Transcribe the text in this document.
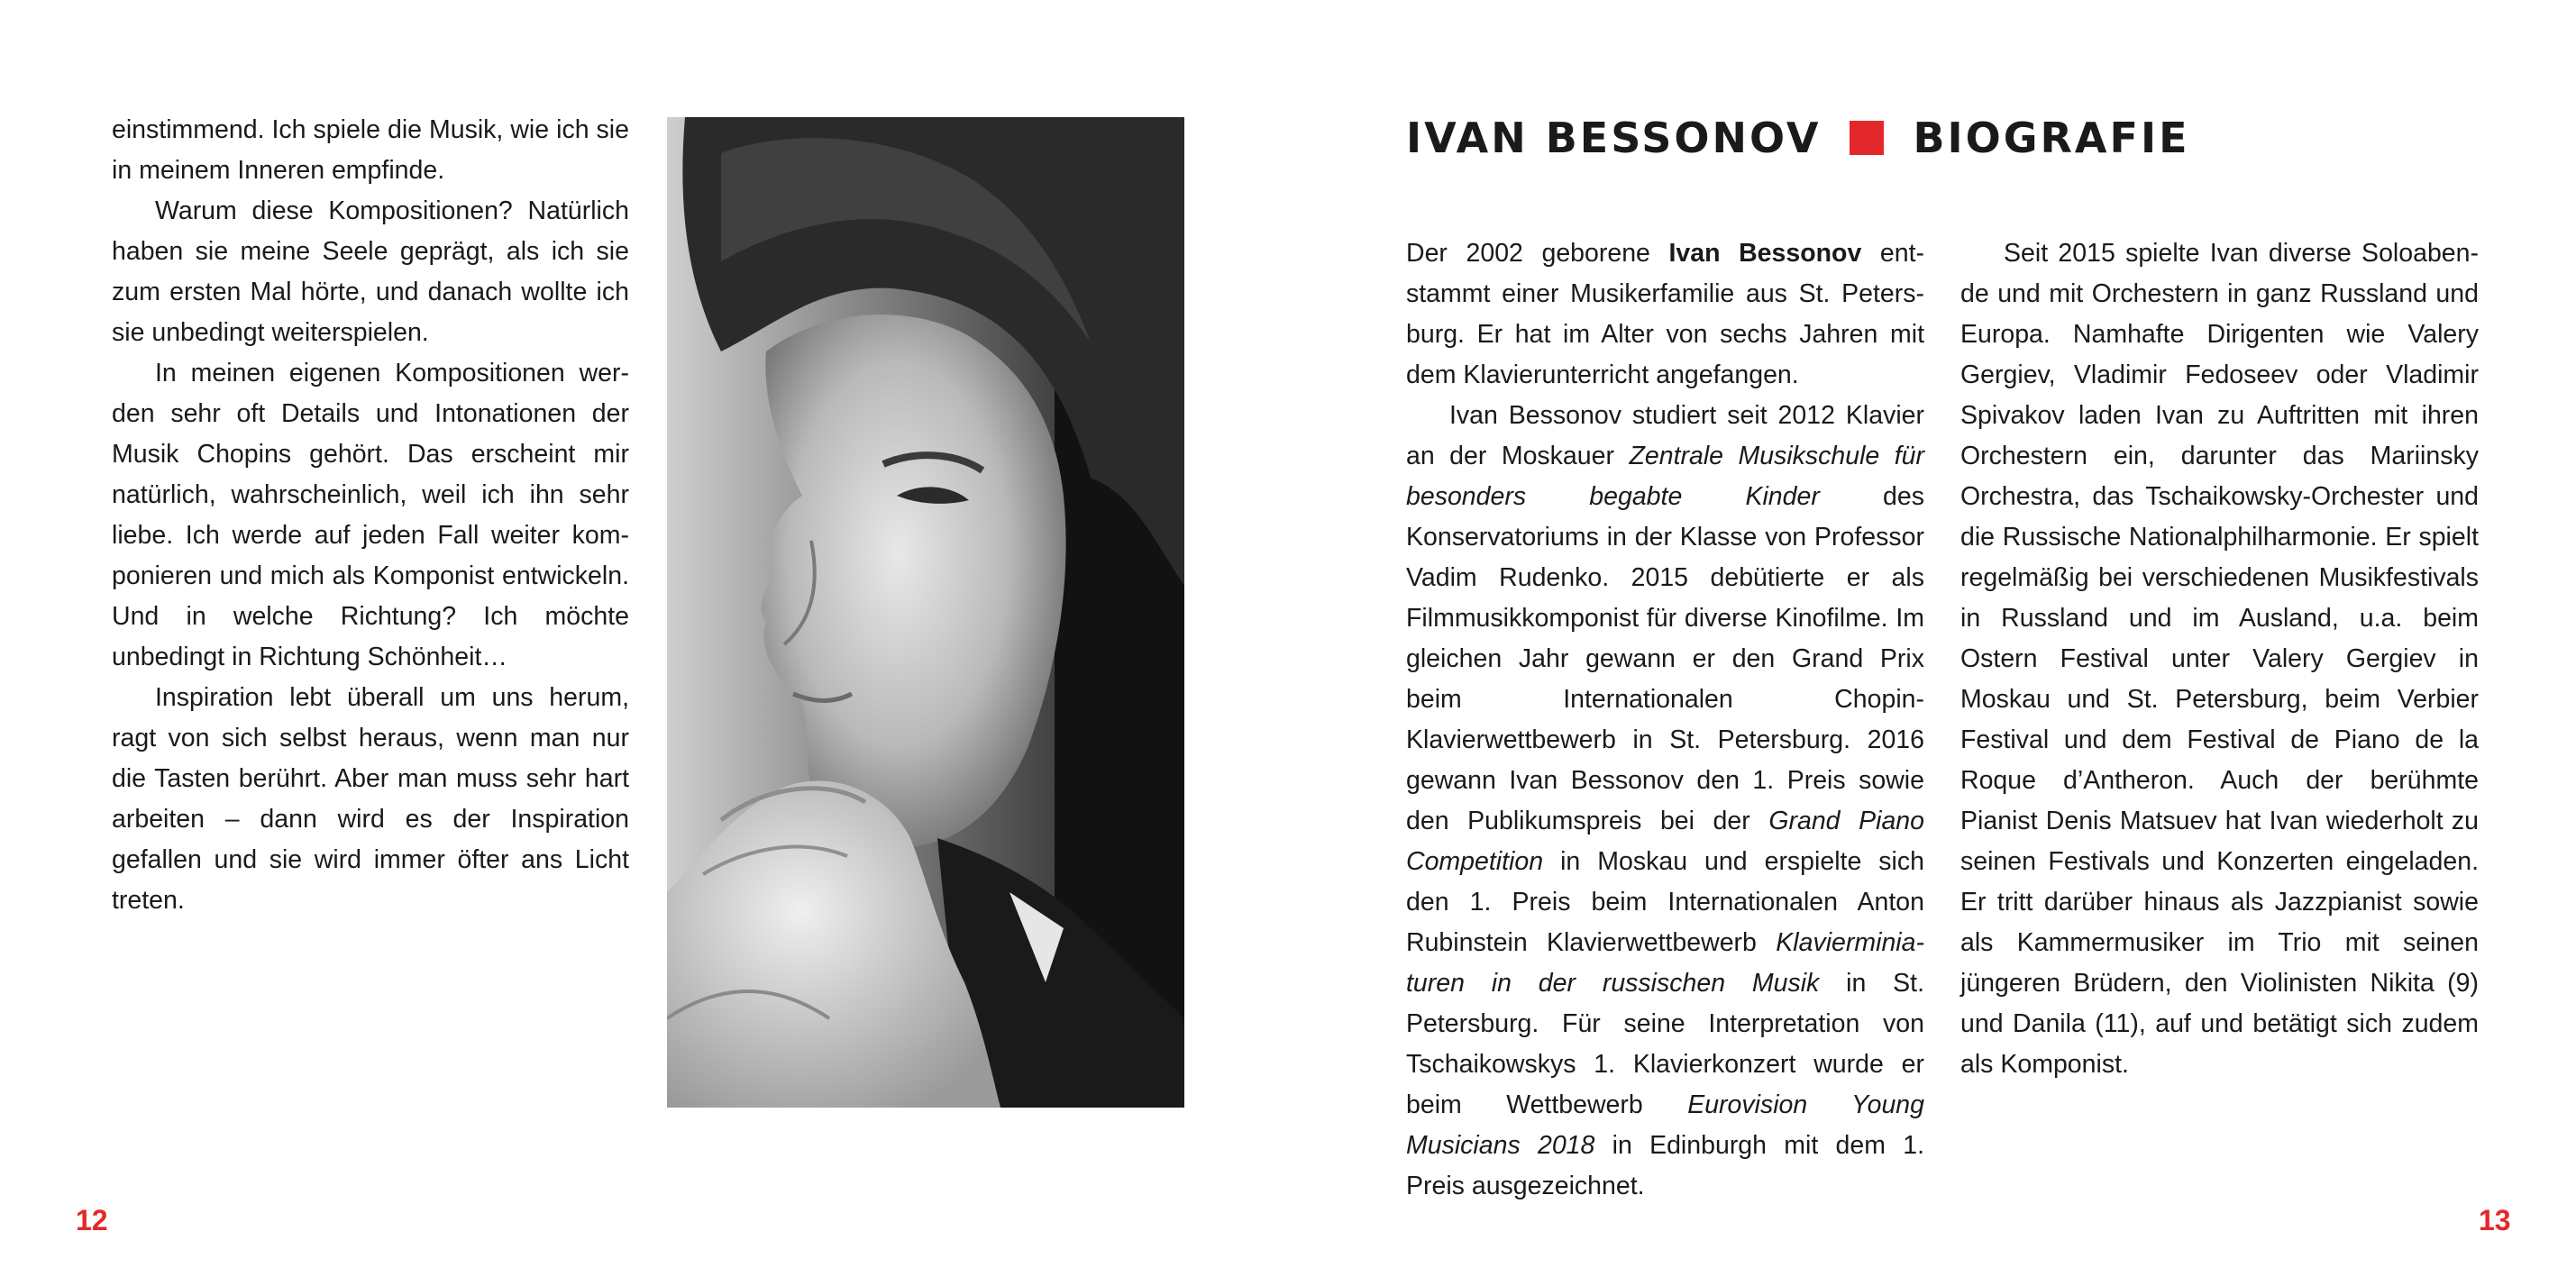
einstimmend. Ich spiele die Musik, wie ich sie in meinem Inneren empfinde.

Warum diese Kompositionen? Natürlich haben sie meine Seele geprägt, als ich sie zum ersten Mal hörte, und danach wollte ich sie unbedingt weiterspielen.

In meinen eigenen Kompositionen werden sehr oft Details und Intonationen der Musik Chopins gehört. Das erscheint mir natürlich, wahrscheinlich, weil ich ihn sehr liebe. Ich werde auf jeden Fall weiter komponieren und mich als Komponist entwickeln. Und in welche Richtung? Ich möchte unbedingt in Richtung Schönheit…

Inspiration lebt überall um uns herum, ragt von sich selbst heraus, wenn man nur die Tasten berührt. Aber man muss sehr hart arbeiten – dann wird es der Inspiration gefallen und sie wird immer öfter ans Licht treten.

12
IVAN BESSONOV BIOGRAFIE

Der 2002 geborene Ivan Bessonov entstammt einer Musikerfamilie aus St. Petersburg. Er hat im Alter von sechs Jahren mit dem Klavierunterricht angefangen.

Ivan Bessonov studiert seit 2012 Klavier an der Moskauer Zentrale Musikschule für besonders begabte Kinder des Konservatoriums in der Klasse von Professor Vadim Rudenko. 2015 debütierte er als Filmmusikkomponist für diverse Kinofilme. Im gleichen Jahr gewann er den Grand Prix beim Internationalen Chopin-Klavierwettbewerb in St. Petersburg. 2016 gewann Ivan Bessonov den 1. Preis sowie den Publikumspreis bei der Grand Piano Competition in Moskau und erspielte sich den 1. Preis beim Internationalen Anton Rubinstein Klavierwettbewerb Klavierminiaturen in der russischen Musik in St. Petersburg. Für seine Interpretation von Tschaikowskys 1. Klavierkonzert wurde er beim Wettbewerb Eurovision Young Musicians 2018 in Edinburgh mit dem 1. Preis ausgezeichnet.

Seit 2015 spielte Ivan diverse Soloabende und mit Orchestern in ganz Russland und Europa. Namhafte Dirigenten wie Valery Gergiev, Vladimir Fedoseev oder Vladimir Spivakov laden Ivan zu Auftritten mit ihren Orchestern ein, darunter das Mariinsky Orchestra, das Tschaikowsky-Orchester und die Russische Nationalphilharmonie. Er spielt regelmäßig bei verschiedenen Musikfestivals in Russland und im Ausland, u.a. beim Ostern Festival unter Valery Gergiev in Moskau und St. Petersburg, beim Verbier Festival und dem Festival de Piano de la Roque d’Antheron. Auch der berühmte Pianist Denis Matsuev hat Ivan wiederholt zu seinen Festivals und Konzerten eingeladen. Er tritt darüber hinaus als Jazzpianist sowie als Kammermusiker im Trio mit seinen jüngeren Brüdern, den Violinisten Nikita (9) und Danila (11), auf und betätigt sich zudem als Komponist.

13
